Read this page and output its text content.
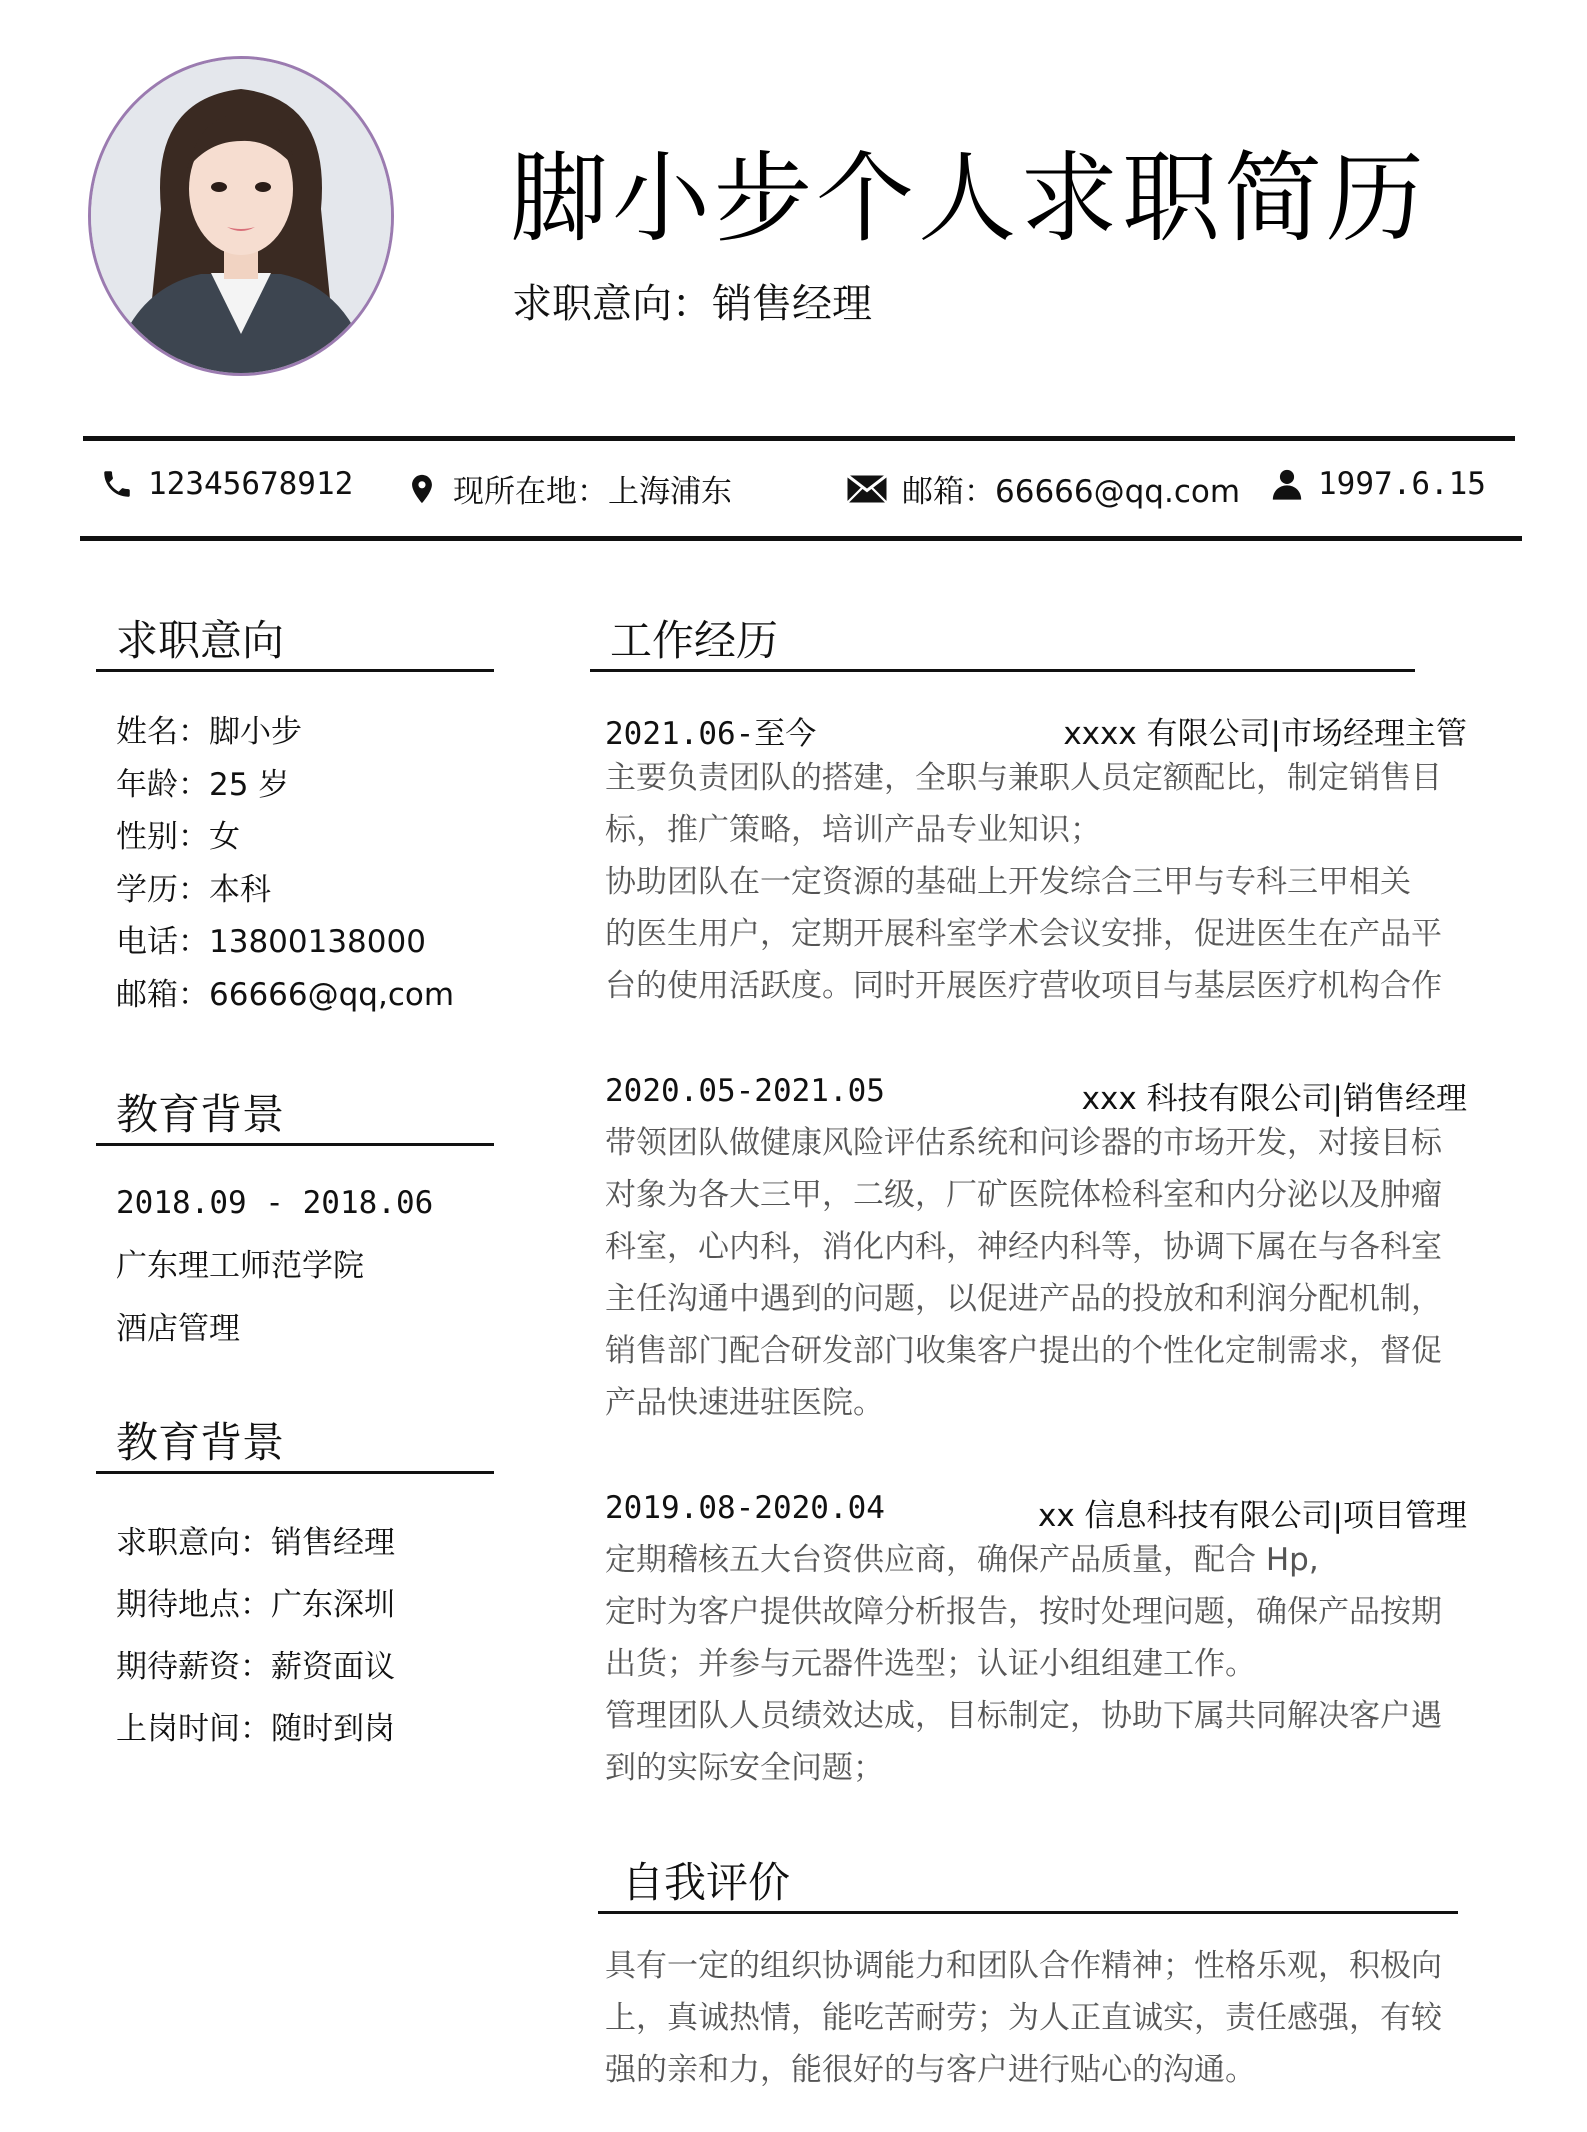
脚小步个人求职简历
求职意向：销售经理
12345678912	现所在地：上海浦东	邮箱：66666@qq.com	1997.6.15
求职意向
姓名：脚小步
年龄：25 岁
性别：女
学历：本科
电话：13800138000
邮箱：66666@qq,com
教育背景
2018.09 - 2018.06
广东理工师范学院
酒店管理
教育背景
求职意向：销售经理
期待地点：广东深圳
期待薪资：薪资面议
上岗时间：随时到岗
工作经历
2021.06-至今	xxxx 有限公司|市场经理主管
主要负责团队的搭建，全职与兼职人员定额配比，制定销售目
标，推广策略，培训产品专业知识；
协助团队在一定资源的基础上开发综合三甲与专科三甲相关
的医生用户，定期开展科室学术会议安排，促进医生在产品平
台的使用活跃度。同时开展医疗营收项目与基层医疗机构合作
2020.05-2021.05	xxx 科技有限公司|销售经理
带领团队做健康风险评估系统和问诊器的市场开发，对接目标
对象为各大三甲，二级，厂矿医院体检科室和内分泌以及肿瘤
科室，心内科，消化内科，神经内科等，协调下属在与各科室
主任沟通中遇到的问题，以促进产品的投放和利润分配机制，
销售部门配合研发部门收集客户提出的个性化定制需求，督促
产品快速进驻医院。
2019.08-2020.04	xx 信息科技有限公司|项目管理
定期稽核五大台资供应商，确保产品质量，配合 Hp,
定时为客户提供故障分析报告，按时处理问题，确保产品按期
出货；并参与元器件选型；认证小组组建工作。
管理团队人员绩效达成，目标制定，协助下属共同解决客户遇
到的实际安全问题；
自我评价
具有一定的组织协调能力和团队合作精神；性格乐观，积极向
上，真诚热情，能吃苦耐劳；为人正直诚实，责任感强，有较
强的亲和力，能很好的与客户进行贴心的沟通。
